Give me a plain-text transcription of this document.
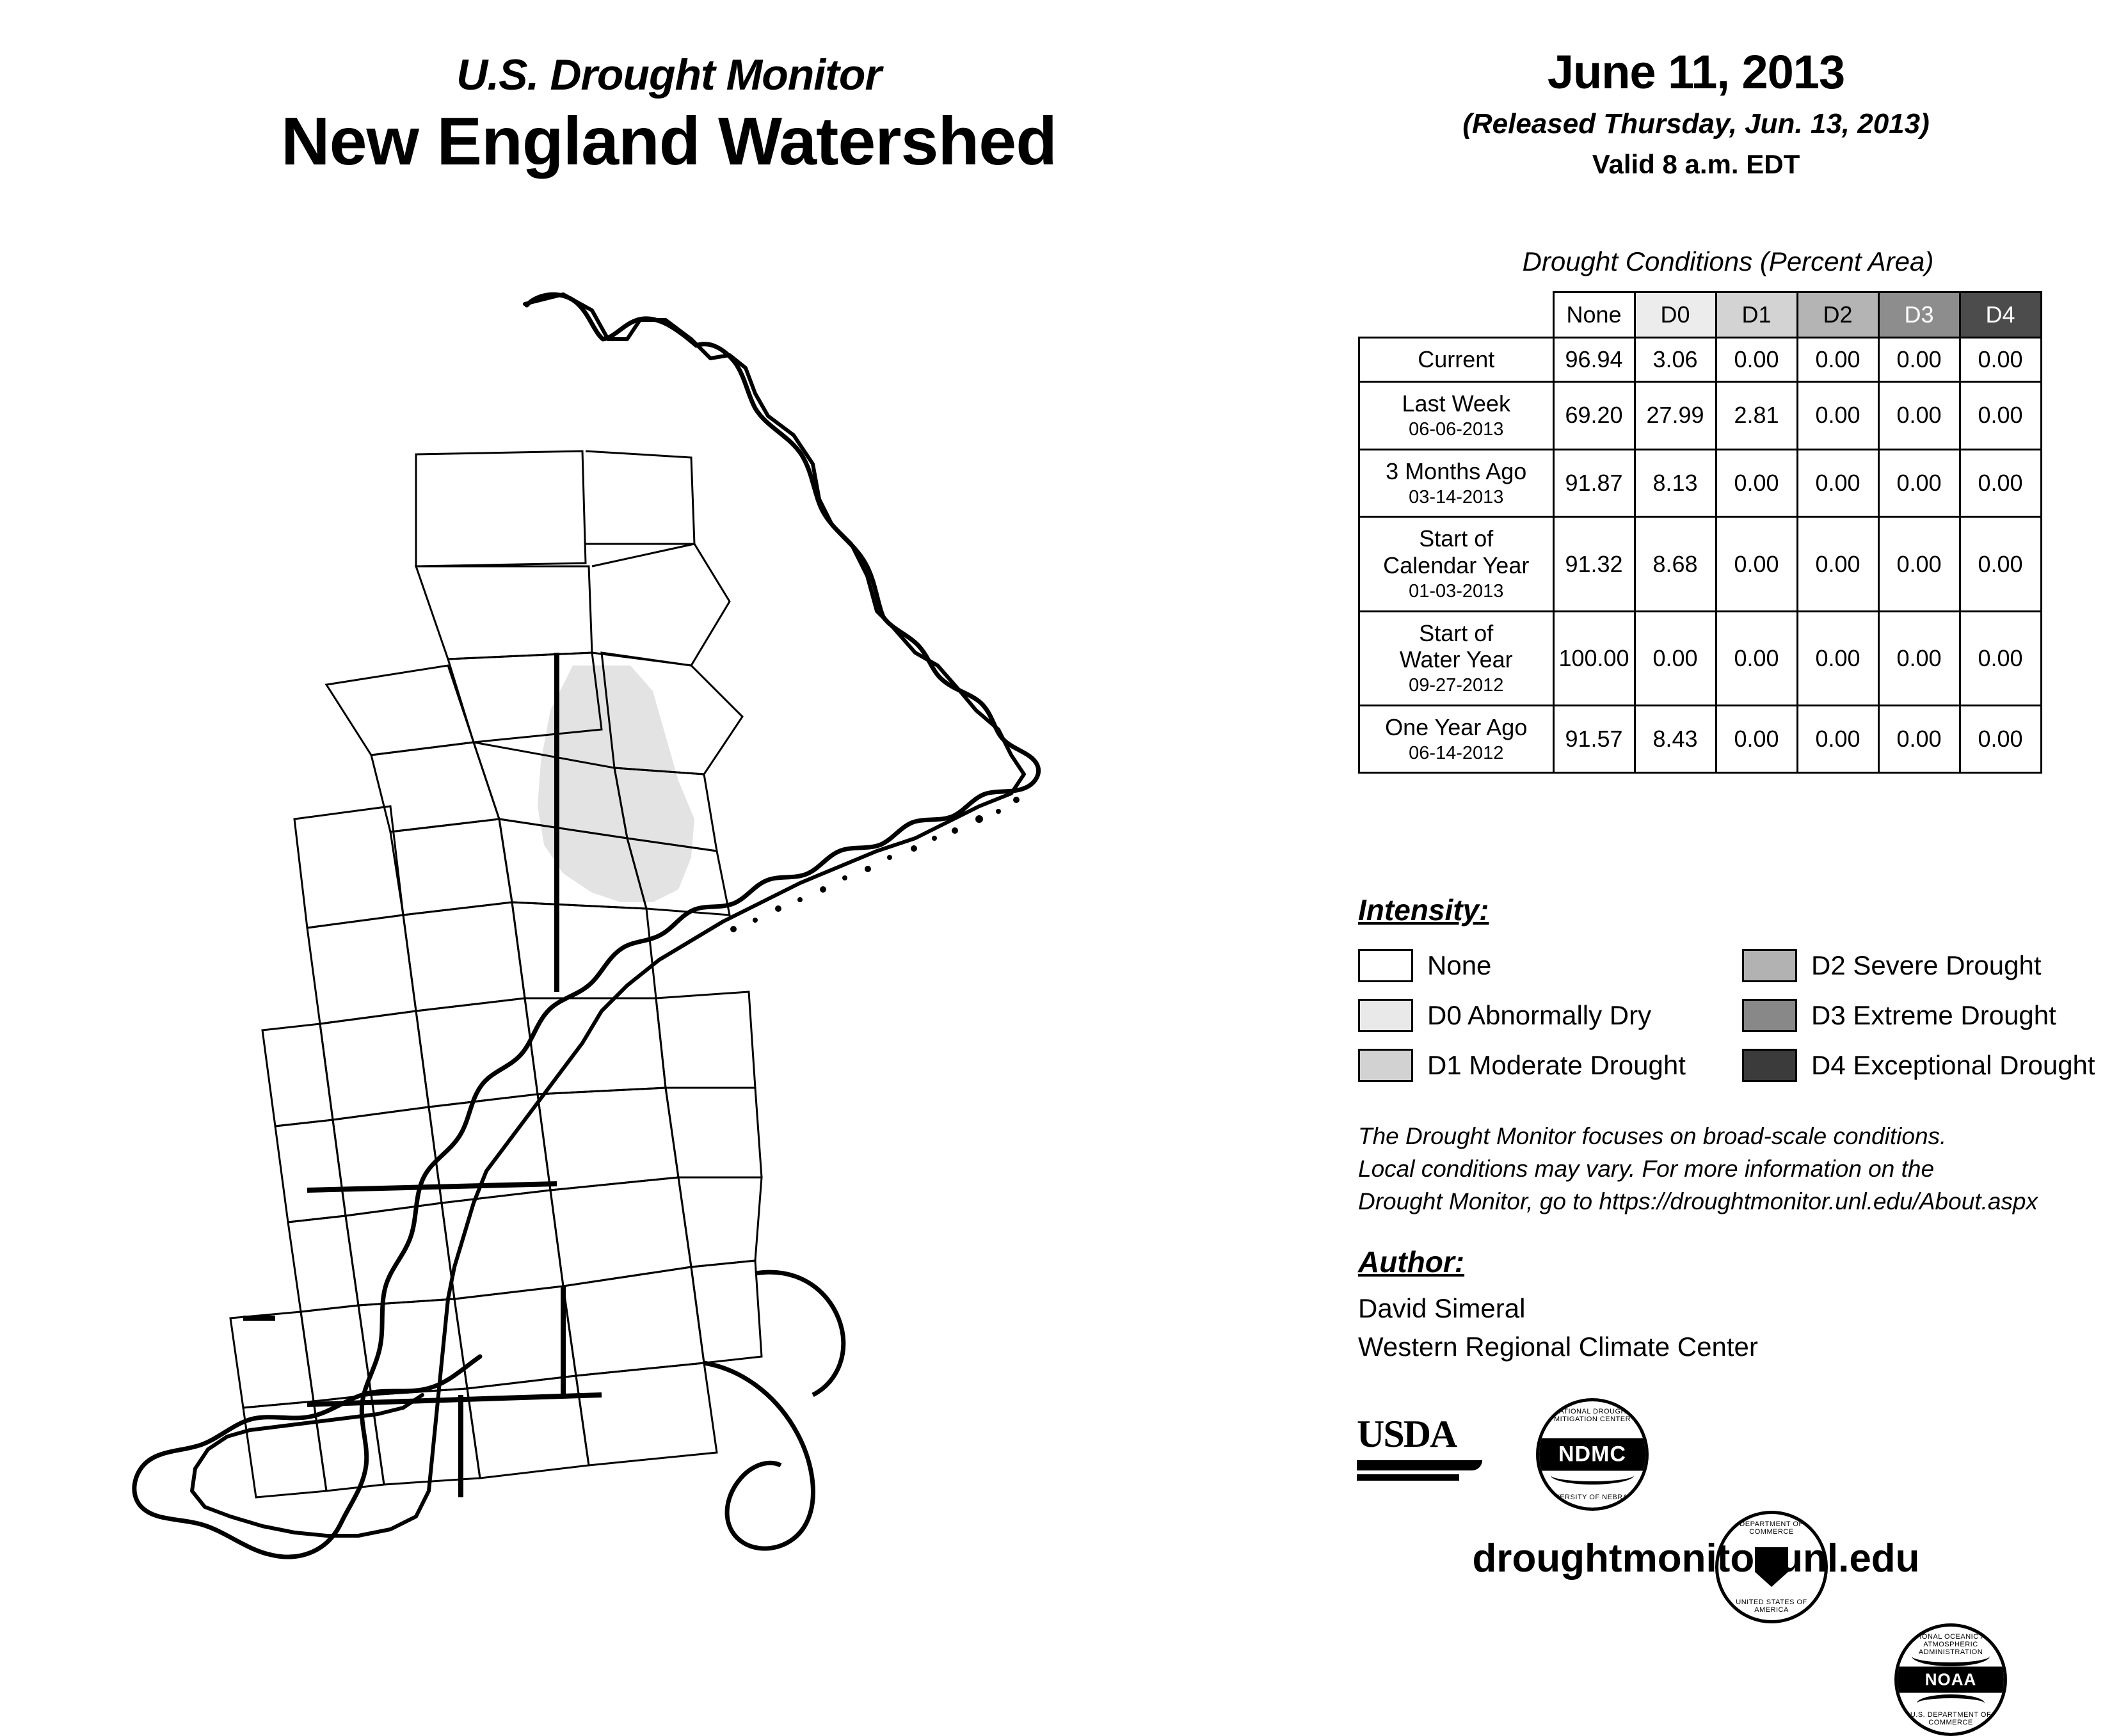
U.S. Drought Monitor
New England Watershed
June 11, 2013
(Released Thursday, Jun. 13, 2013)
Valid 8 a.m. EDT
Drought Conditions (Percent Area)
	None	D0	D1	D2	D3	D4
Current	96.94	3.06	0.00	0.00	0.00	0.00
Last Week
06-06-2013	69.20	27.99	2.81	0.00	0.00	0.00
3 Months Ago
03-14-2013	91.87	8.13	0.00	0.00	0.00	0.00
Start of
Calendar Year
01-03-2013	91.32	8.68	0.00	0.00	0.00	0.00
Start of
Water Year
09-27-2012	100.00	0.00	0.00	0.00	0.00	0.00
One Year Ago
06-14-2012	91.57	8.43	0.00	0.00	0.00	0.00
Intensity:
None
D0 Abnormally Dry
D1 Moderate Drought
D2 Severe Drought
D3 Extreme Drought
D4 Exceptional Drought
The Drought Monitor focuses on broad-scale conditions.
Local conditions may vary. For more information on the
Drought Monitor, go to https://droughtmonitor.unl.edu/About.aspx
Author:
David Simeral
Western Regional Climate Center
USDA
NATIONAL DROUGHT MITIGATION CENTER
NDMC
UNIVERSITY OF NEBRASKA
DEPARTMENT OF COMMERCE
UNITED STATES OF AMERICA
NATIONAL OCEANIC AND ATMOSPHERIC ADMINISTRATION
NOAA
U.S. DEPARTMENT OF COMMERCE
droughtmonitor.unl.edu
